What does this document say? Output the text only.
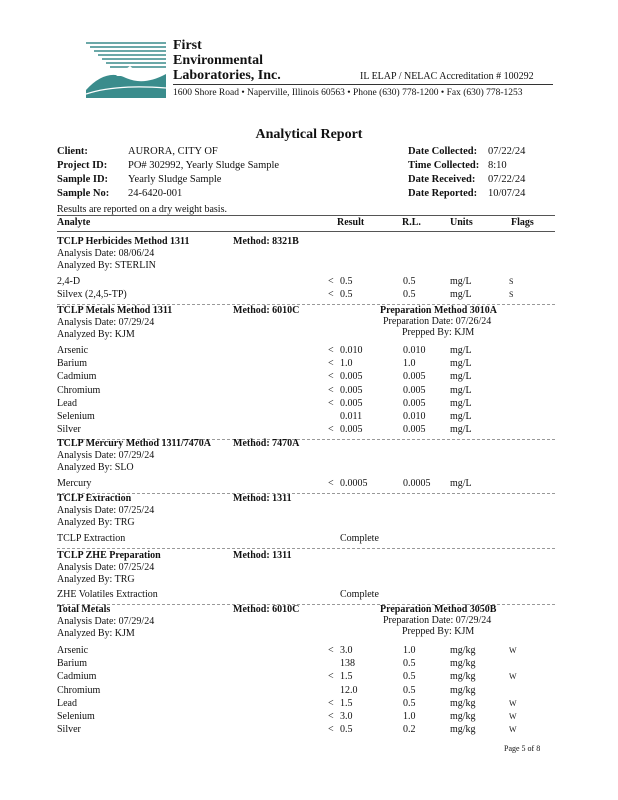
First
Environmental
Laboratories, Inc.	IL ELAP / NELAC Accreditation # 100292
1600 Shore Road • Naperville, Illinois 60563 • Phone (630) 778-1200 • Fax (630) 778-1253
Analytical Report
Client:	AURORA, CITY OF
Project ID: PO# 302992, Yearly Sludge Sample
Sample ID: Yearly Sludge Sample
Sample No: 24-6420-001
Date Collected: 07/22/24
Time Collected: 8:10
Date Received: 07/22/24
Date Reported: 10/07/24
Results are reported on a dry weight basis.
Analyte	Result	R.L.	Units	Flags
TCLP Herbicides Method 1311	Method: 8321B
Analysis Date: 08/06/24
Analyzed By: STERLIN
2,4-D	< 0.5	0.5	mg/L	S
Silvex (2,4,5-TP)	< 0.5	0.5	mg/L	S
TCLP Metals Method 1311	Method: 6010C
Analysis Date: 07/29/24
Analyzed By: KJM
Preparation Method 3010A
Preparation Date: 07/26/24
Prepped By: KJM
Arsenic	< 0.010	0.010 mg/L
Barium	< 1.0	1.0	mg/L
Cadmium	< 0.005	0.005 mg/L
Chromium	< 0.005	0.005 mg/L
Lead	< 0.005	0.005 mg/L
Selenium	0.011	0.010 mg/L
Silver	< 0.005	0.005 mg/L
TCLP Mercury Method 1311/7470A Method: 7470A
Analysis Date: 07/29/24
Analyzed By: SLO
Mercury	< 0.0005	0.0005 mg/L
TCLP Extraction	Method: 1311
Analysis Date: 07/25/24
Analyzed By: TRG
TCLP Extraction	Complete
TCLP ZHE Preparation	Method: 1311
Analysis Date: 07/25/24
Analyzed By: TRG
ZHE Volatiles Extraction	Complete
Total Metals	Method: 6010C
Analysis Date: 07/29/24
Analyzed By: KJM
Preparation Method 3050B
Preparation Date: 07/29/24
Prepped By: KJM
Arsenic	< 3.0	1.0	mg/kg	W
Barium	138	0.5	mg/kg
Cadmium	< 1.5	0.5	mg/kg	W
Chromium	12.0	0.5	mg/kg
Lead	< 1.5	0.5	mg/kg	W
Selenium	< 3.0	1.0	mg/kg	W
Silver	< 0.5	0.2	mg/kg	W
Page 5 of 8
